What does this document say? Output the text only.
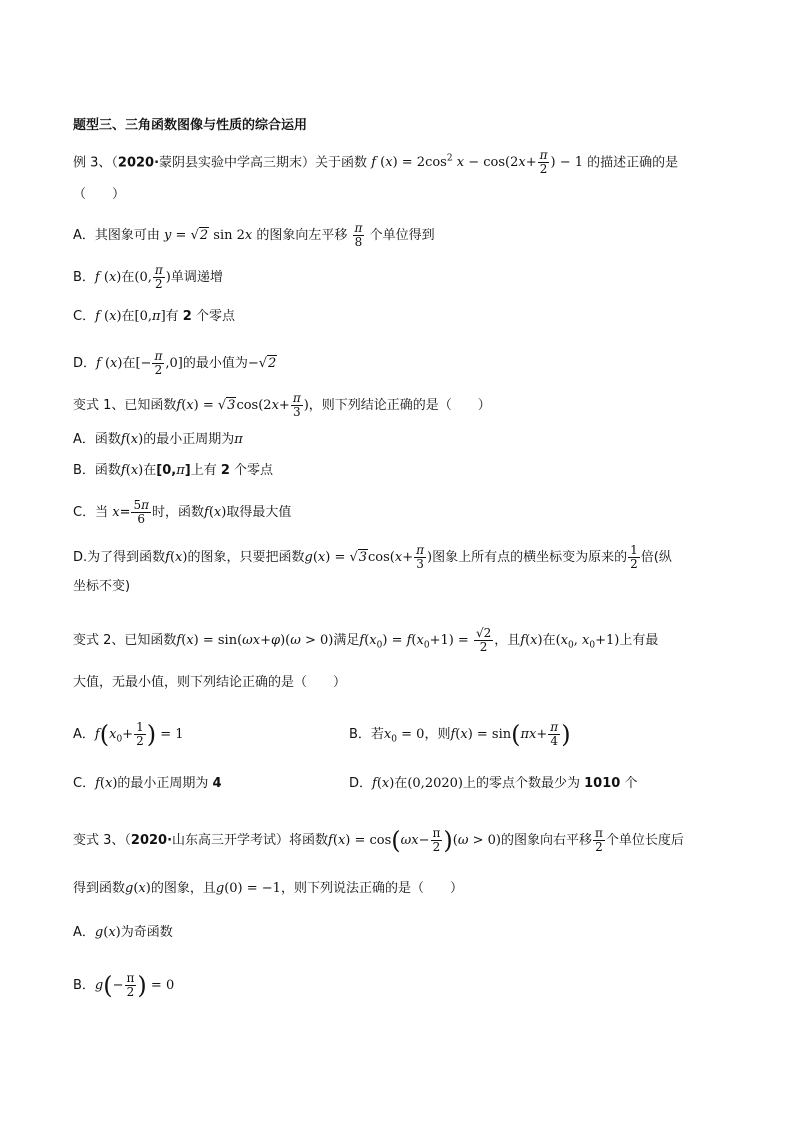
题型三、三角函数图像与性质的综合运用
例 3、（2020·蒙阴县实验中学高三期末）关于函数 f $(x) = 2\cos^2$ $x - \cos(2x+ \frac{\pi}{2}$ ) − 1 的描述正确的是
（　　）
A．其图象可由 y = √2 sin 2x 的图象向左平移 $\frac{\pi}{8}$ 个单位得到
B．f (x)在(0, $\frac{\pi}{2}$ )单调递增
C．f (x)在[0,π]有 2 个零点
D．f (x)在[− $\frac{\pi}{2} ,0$]的最小值为−√2
变式 1、已知函数$f(x) = √3\cos(2x+ \frac{\pi}{3}$ )，则下列结论正确的是（　　）
A．函数f(x)的最小正周期为π
B．函数f(x)在[0,π]上有 2 个零点
C．当 $x= \frac{5\pi}{6}$ 时，函数f(x)取得最大值
D.为了得到函数f(x)的图象，只要把函数$g(x) = √3\cos(x+ \frac{\pi}{3}$ )图象上所有点的横坐标变为原来的 $\frac{1}{2}$ 倍(纵
坐标不变)
变式 2、已知函数f(x) = sin(ωx+φ)(ω > 0)满足$f(x_0) = f(x_0+1) = \frac{√2}{2}$ ，且f(x)在($x_0$, $x_0+1$)上有最
大值，无最小值，则下列结论正确的是（　　）
A．$f(x_0+ \frac{1}{2}$ ) = 1	B．若$x_0 = 0$，则$f(x) = \sin(\pi x+ \frac{\pi}{4}$ )
C．f(x)的最小正周期为 4	D．f(x)在(0,2020)上的零点个数最少为 1010 个
变式 3、（2020·山东高三开学考试）将函数$f(x) = \cos(\omega x- \frac{\pi}{2} )(\omega > 0)$的图象向右平移 $\frac{\pi}{2}$ 个单位长度后
得到函数g(x)的图象，且g(0) = −1，则下列说法正确的是（　　）
A．g(x)为奇函数
B．$g(- \frac{\pi}{2}$ ) = 0
